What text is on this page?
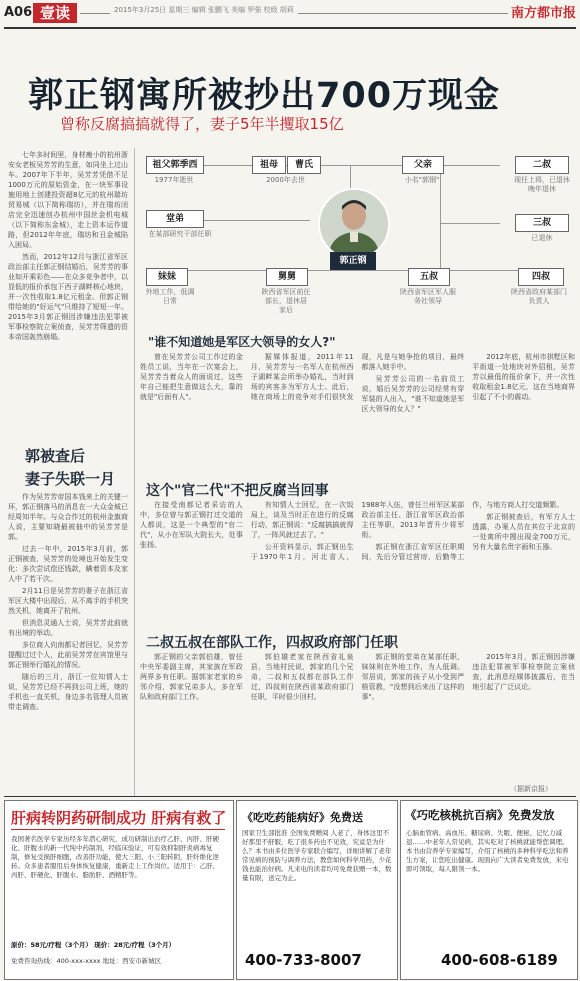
A06 壹读	2015年3月25日 星期三 编辑 张鹏飞 美编 罗强 校级 胡莉	南方都市报
郭正钢寓所被抄出700万现金
曾称反腐搞搞就得了，妻子5年半攫取15亿

七年多时间里，身材瘦小的杭州浙安女老板吴芳芳的生意，如同坐上过山车。2007年下半年，吴芳芳凭借不足1000万元的原始资金，在一块军事设施用地上创建投资超8亿元的杭州瑞坊贸易城（以下简称瑞坊），并在瑞坊闭店完全迅速创办杭州中国丝金机电城（以下简称东金城），走上资本运作道路，但2012年年底，瑞坊和丑金城陷入困局。

然而，2012年12月与浙江省军区政治部主任郭正钢结婚后，吴芳芳的事业如开乘彩色——在众多竞争者中，以显低的报价承包下西子湖畔核心地块，并一次性收取1.8亿元租金。但郭正钢带给她的"好运气"只维持了短短一年。2015年3月郭正钢因涉嫌违法犯罪被军事检察院立案侦查，吴芳芳筛遗的资本帝国轰然崩塌。

郭被查后
妻子失联一月

作为吴芳芳帝国本钱来上的关键一环，郭正钢落马的消息在一大众金城已经周知半年。与众合作过的杭州金旗商人说，主要知晓最被抽中的吴芳芳是郭。

过去一年中，2015年3月前，郭正钢被查，吴芳芳的处境也开始发生变化：多次尝试偿还钱款，瞒着资本及家人中了若干次。

2月11日是吴芳芳的妻子在浙江省军区大楼中出现后，从不离手的手机突然关机，她离开了杭州。

但消息灵通人士说，吴芳芳此前就有出境的举动。

多位商人向南都记者回忆，吴芳芳提醒过过个人，此前吴芳芳在宾馆里与郭正钢举行婚礼的情况。

随后的三月，浙江一位知情人士说，吴芳芳已经不再到公司上班，她的手机也一直关机，身边多名管理人员被带走调查。

祖父郭季西
1977年逝世
祖母	曹氏
2000年去世
父亲
小名"郭钢"
二叔
现任上将，已退休
晚年退休
堂弟
在某部研究干部任职
三叔
已退休
郭正钢
妹妹
外地工作，低调
日常
舅舅
陕西省军区前任
部长，退休居
家后
五叔
陕西省军区军人服
务社领导
四叔
陕西省政府某部门
负责人
"谁不知道她是军区大领导的女人?"

曾在吴芳芳公司工作过的金姓员工说，当年在一次宴会上，吴芳芳当着众人的面说过，这些年自己能把生意做这么大，靠的就是"后面有人"。

据媒体报道，2011年11月，吴芳芳与一名军人在杭州西子湖畔某会所举办婚礼，当时到场的宾客多为军方人士。此后，她在商场上的竞争对手们很快发现，凡是与她争抢的项目，最终都落入她手中。

吴芳芳公司的一名前员工说，婚后吴芳芳的公司经常有穿军装的人出入，"谁不知道她是军区大领导的女人？"

2012年底，杭州市拱墅区和平街道一处地块对外招租，吴芳芳以最低的报价拿下，并一次性收取租金1.8亿元，这在当地商界引起了不小的震动。

这个"官二代"不把反腐当回事

在接受南都记者采访的人中，多位曾与郭正钢打过交道的人都说，这是一个典型的"官二代"，从小在军队大院长大，处事张扬。

有知情人士回忆，在一次饭局上，谈及当时正在进行的反腐行动，郭正钢说："反腐搞搞就得了，一阵风就过去了。"

公开资料显示，郭正钢出生于1970年1月，河北省人，1988年入伍，曾任兰州军区某部政治部主任、浙江省军区政治部主任等职，2013年晋升少将军衔。

郭正钢在浙江省军区任职期间，先后分管过营房、后勤等工作，与地方商人打交道频繁。

郭正钢被查后，有军方人士透露，办案人员在其位于北京的一处寓所中搜出现金700万元，另有大量名贵字画和玉器。

二叔五叔在部队工作，四叔政府部门任职

郭正钢的父亲郭伯雄，曾任中央军委副主席，其家族在军政两界多有任职。据郭家老家的乡邻介绍，郭家兄弟多人，多在军队和政府部门工作。

郭伯雄老家在陕西省礼泉县，当地村民说，郭家的几个兄弟，二叔和五叔都在部队工作过，四叔则在陕西省某政府部门任职，平时很少回村。

郭正钢的堂弟在某部任职，妹妹则在外地工作，为人低调。邻居说，郭家的孩子从小受到严格管教，"没想到后来出了这样的事"。

2015年3月，郭正钢因涉嫌违法犯罪被军事检察院立案侦查，此消息经媒体披露后，在当地引起了广泛议论。

（据新京报）
肝病转阴药研制成功 肝病有救了
我国著名医学专家历经多年潜心研究，成功研制出治疗乙肝、丙肝、肝硬化、肝腹水的新一代纯中药制剂，经临床验证，可有效抑制肝炎病毒复制，修复受损肝细胞，改善肝功能，使大三阳、小三阳转阴，肝纤维化逆转。众多患者服用后身体恢复健康，重新走上工作岗位。适用于：乙肝、丙肝、肝硬化、肝腹水、脂肪肝、酒精肝等。
原价：58元/疗程（3个月） 现价：28元/疗程（3个月）
免费咨询热线：400-xxx-xxxx 地址：西安市新城区
《吃吃药能病好》免费送
国家卫生部批准 全国免费赠阅 人老了，身体这里不好那里不舒服，吃了很多药也不见效，究竟是为什么？本书由多位医学专家联合编写，详细讲解了老年常见病的预防与调养方法，教您如何科学用药，少花钱也能治好病。凡来电的读者均可免费获赠一本，数量有限，送完为止。
400-733-8007
《巧吃核桃抗百病》免费发放
心脑血管病、高血压、糖尿病、失眠、便秘、记忆力减退……中老年人常见病，其实吃对了核桃就能帮您调理。本书由营养学专家编写，介绍了核桃的多种科学吃法和养生方案，让您吃出健康。现面向广大读者免费发放，来电即可领取，每人限领一本。
400-608-6189
